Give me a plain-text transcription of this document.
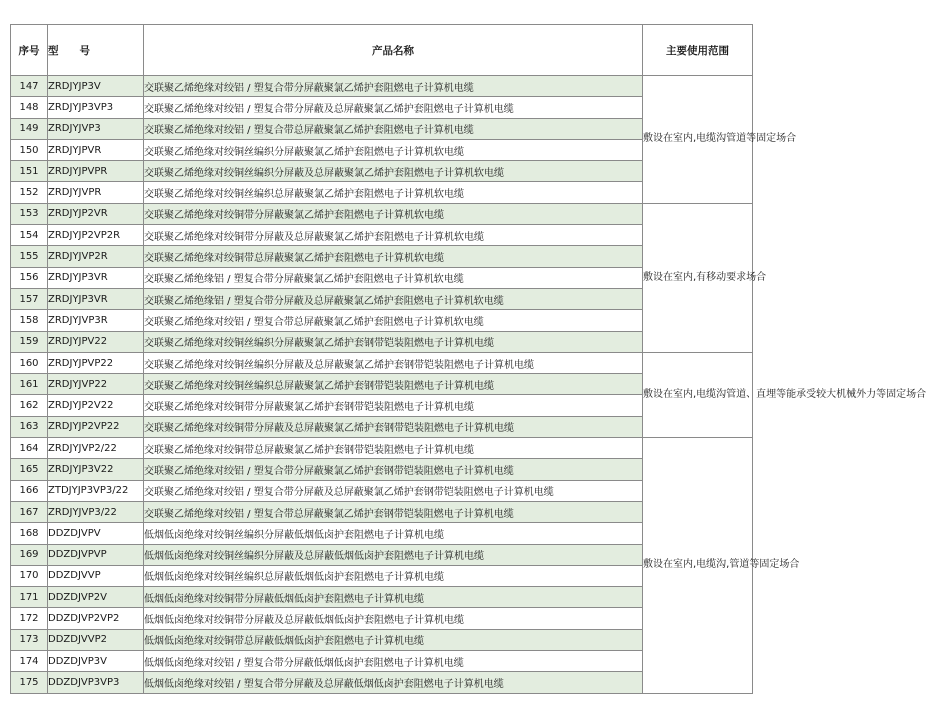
序号	型　　号	产品名称	主要使用范围
147	ZRDJYJP3V	交联聚乙烯绝缘对绞铝 / 塑复合带分屏蔽聚氯乙烯护套阻燃电子计算机电缆	敷设在室内,电缆沟管道等固定场合

148	ZRDJYJP3VP3	交联聚乙烯绝缘对绞铝 / 塑复合带分屏蔽及总屏蔽聚氯乙烯护套阻燃电子计算机电缆	
149	ZRDJYJVP3	交联聚乙烯绝缘对绞铝 / 塑复合带总屏蔽聚氯乙烯护套阻燃电子计算机电缆	
150	ZRDJYJPVR	交联聚乙烯绝缘对绞铜丝编织分屏蔽聚氯乙烯护套阻燃电子计算机软电缆	
151	ZRDJYJPVPR	交联聚乙烯绝缘对绞铜丝编织分屏蔽及总屏蔽聚氯乙烯护套阻燃电子计算机软电缆	
152	ZRDJYJVPR	交联聚乙烯绝缘对绞铜丝编织总屏蔽聚氯乙烯护套阻燃电子计算机软电缆	
153	ZRDJYJP2VR	交联聚乙烯绝缘对绞铜带分屏蔽聚氯乙烯护套阻燃电子计算机软电缆	敷设在室内,有移动要求场合

154	ZRDJYJP2VP2R	交联聚乙烯绝缘对绞铜带分屏蔽及总屏蔽聚氯乙烯护套阻燃电子计算机软电缆	
155	ZRDJYJVP2R	交联聚乙烯绝缘对绞铜带总屏蔽聚氯乙烯护套阻燃电子计算机软电缆	
156	ZRDJYJP3VR	交联聚乙烯绝缘铝 / 塑复合带分屏蔽聚氯乙烯护套阻燃电子计算机软电缆	
157	ZRDJYJP3VR	交联聚乙烯绝缘铝 / 塑复合带分屏蔽及总屏蔽聚氯乙烯护套阻燃电子计算机软电缆	
158	ZRDJYJVP3R	交联聚乙烯绝缘对绞铝 / 塑复合带总屏蔽聚氯乙烯护套阻燃电子计算机软电缆	
159	ZRDJYJPV22	交联聚乙烯绝缘对绞铜丝编织分屏蔽聚氯乙烯护套钢带铠装阻燃电子计算机电缆	
160	ZRDJYJPVP22	交联聚乙烯绝缘对绞铜丝编织分屏蔽及总屏蔽聚氯乙烯护套钢带铠装阻燃电子计算机电缆	敷设在室内,电缆沟管道、直埋等能承受较大机械外力等固定场合

161	ZRDJYJVP22	交联聚乙烯绝缘对绞铜丝编织总屏蔽聚氯乙烯护套钢带铠装阻燃电子计算机电缆	
162	ZRDJYJP2V22	交联聚乙烯绝缘对绞铜带分屏蔽聚氯乙烯护套钢带铠装阻燃电子计算机电缆	
163	ZRDJYJP2VP22	交联聚乙烯绝缘对绞铜带分屏蔽及总屏蔽聚氯乙烯护套钢带铠装阻燃电子计算机电缆	
164	ZRDJYJVP2/22	交联聚乙烯绝缘对绞铜带总屏蔽聚氯乙烯护套钢带铠装阻燃电子计算机电缆	敷设在室内,电缆沟,管道等固定场合

165	ZRDJYJP3V22	交联聚乙烯绝缘对绞铝 / 塑复合带分屏蔽聚氯乙烯护套钢带铠装阻燃电子计算机电缆	
166	ZTDJYJP3VP3/22	交联聚乙烯绝缘对绞铝 / 塑复合带分屏蔽及总屏蔽聚氯乙烯护套钢带铠装阻燃电子计算机电缆	
167	ZRDJYJVP3/22	交联聚乙烯绝缘对绞铝 / 塑复合带总屏蔽聚氯乙烯护套钢带铠装阻燃电子计算机电缆	
168	DDZDJVPV	低烟低卤绝缘对绞铜丝编织分屏蔽低烟低卤护套阻燃电子计算机电缆	
169	DDZDJVPVP	低烟低卤绝缘对绞铜丝编织分屏蔽及总屏蔽低烟低卤护套阻燃电子计算机电缆	
170	DDZDJVVP	低烟低卤绝缘对绞铜丝编织总屏蔽低烟低卤护套阻燃电子计算机电缆	
171	DDZDJVP2V	低烟低卤绝缘对绞铜带分屏蔽低烟低卤护套阻燃电子计算机电缆	
172	DDZDJVP2VP2	低烟低卤绝缘对绞铜带分屏蔽及总屏蔽低烟低卤护套阻燃电子计算机电缆	
173	DDZDJVVP2	低烟低卤绝缘对绞铜带总屏蔽低烟低卤护套阻燃电子计算机电缆	
174	DDZDJVP3V	低烟低卤绝缘对绞铝 / 塑复合带分屏蔽低烟低卤护套阻燃电子计算机电缆	
175	DDZDJVP3VP3	低烟低卤绝缘对绞铝 / 塑复合带分屏蔽及总屏蔽低烟低卤护套阻燃电子计算机电缆	
